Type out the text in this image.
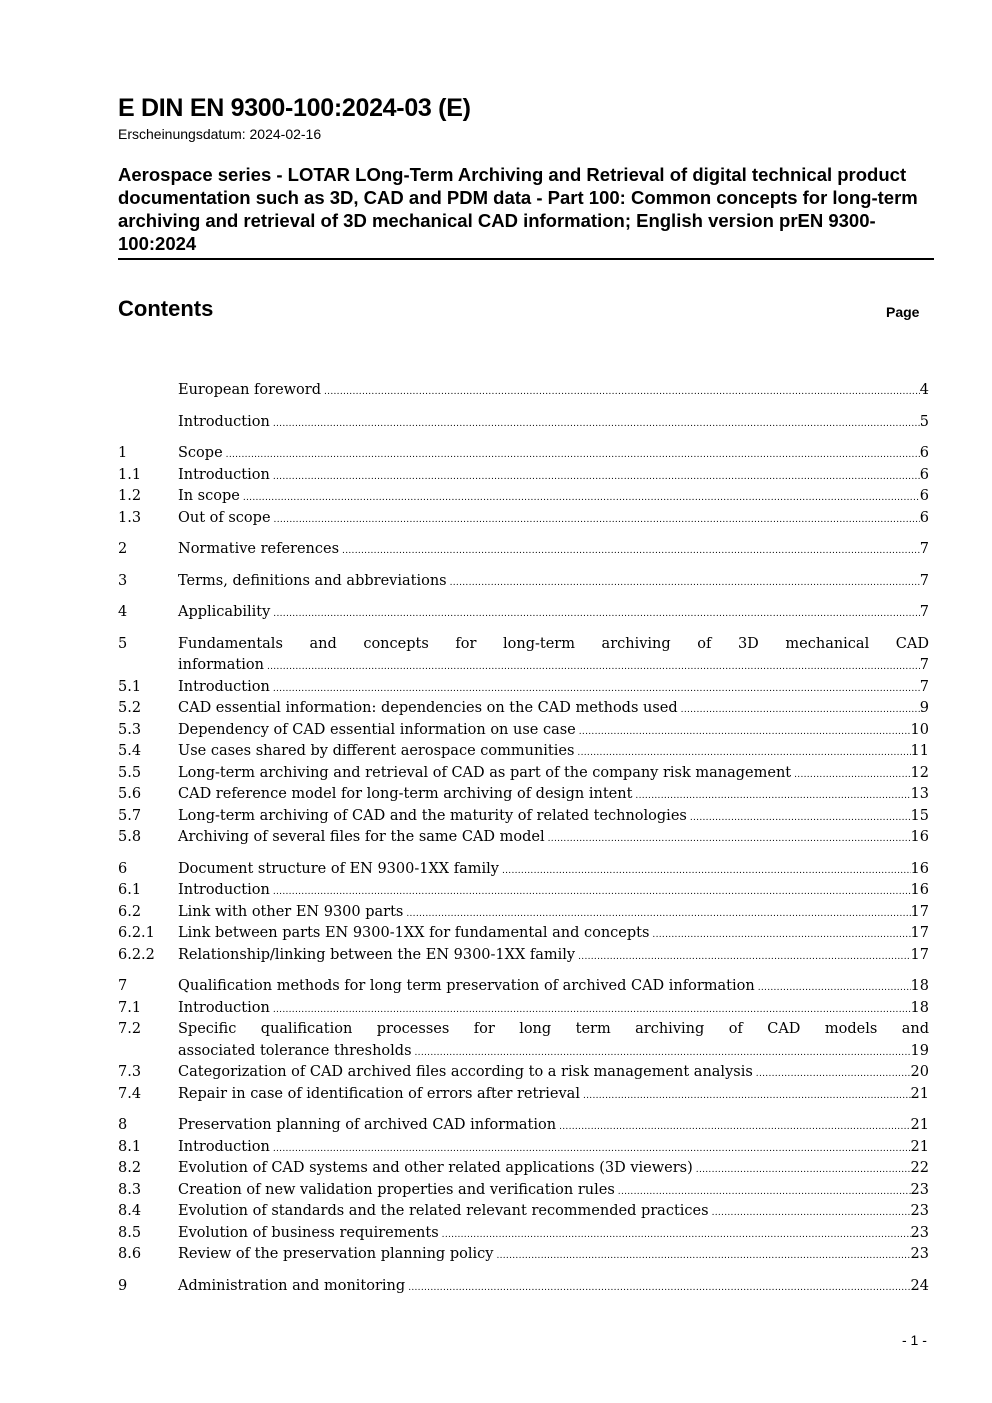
E DIN EN 9300-100:2024-03 (E)
Erscheinungsdatum: 2024-02-16
Aerospace series - LOTAR LOng-Term Archiving and Retrieval of digital technical product documentation such as 3D, CAD and PDM data - Part 100: Common concepts for long-term archiving and retrieval of 3D mechanical CAD information; English version prEN 9300-100:2024
Contents	Page
European foreword .....	4
Introduction .....	5
1	Scope .....	6
1.1	Introduction .....	6
1.2	In scope .....	6
1.3	Out of scope .....	6
2	Normative references .....	7
3	Terms, definitions and abbreviations .....	7
4	Applicability .....	7
5	Fundamentals and concepts for long-term archiving of 3D mechanical CAD
information .....	7
5.1	Introduction .....	7
5.2	CAD essential information: dependencies on the CAD methods used .....	9
5.3	Dependency of CAD essential information on use case .....	10
5.4	Use cases shared by different aerospace communities .....	11
5.5	Long-term archiving and retrieval of CAD as part of the company risk management .....	12
5.6	CAD reference model for long-term archiving of design intent .....	13
5.7	Long-term archiving of CAD and the maturity of related technologies .....	15
5.8	Archiving of several files for the same CAD model .....	16
6	Document structure of EN 9300-1XX family .....	16
6.1	Introduction .....	16
6.2	Link with other EN 9300 parts .....	17
6.2.1	Link between parts EN 9300-1XX for fundamental and concepts .....	17
6.2.2	Relationship/linking between the EN 9300-1XX family .....	17
7	Qualification methods for long term preservation of archived CAD information .....	18
7.1	Introduction .....	18
7.2	Specific qualification processes for long term archiving of CAD models and
associated tolerance thresholds .....	19
7.3	Categorization of CAD archived files according to a risk management analysis .....	20
7.4	Repair in case of identification of errors after retrieval .....	21
8	Preservation planning of archived CAD information .....	21
8.1	Introduction .....	21
8.2	Evolution of CAD systems and other related applications (3D viewers) .....	22
8.3	Creation of new validation properties and verification rules .....	23
8.4	Evolution of standards and the related relevant recommended practices .....	23
8.5	Evolution of business requirements .....	23
8.6	Review of the preservation planning policy .....	23
9	Administration and monitoring .....	24
- 1 -
